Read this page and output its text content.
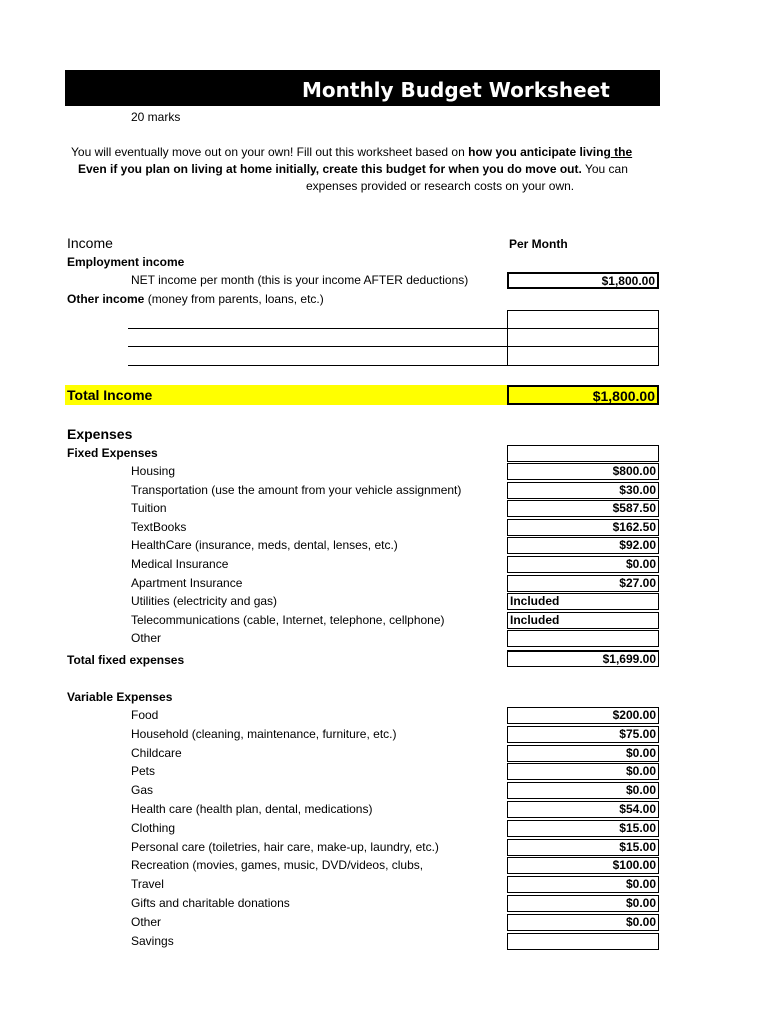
Monthly Budget Worksheet
20 marks
You will eventually move out on your own! Fill out this worksheet based on how you anticipate living the
Even if you plan on living at home initially, create this budget for when you do move out. You can
expenses provided or research costs on your own.
Income	Per Month
Employment income
NET income per month (this is your income AFTER deductions)	$1,800.00
Other income (money from parents, loans, etc.)
Total Income	$1,800.00
Expenses
Fixed Expenses
Housing	$800.00
Transportation (use the amount from your vehicle assignment)	$30.00
Tuition	$587.50
TextBooks	$162.50
HealthCare (insurance, meds, dental, lenses, etc.)	$92.00
Medical Insurance	$0.00
Apartment Insurance	$27.00
Utilities (electricity and gas)	Included
Telecommunications (cable, Internet, telephone, cellphone)	Included
Other
Total fixed expenses	$1,699.00
Variable Expenses
Food	$200.00
Household (cleaning, maintenance, furniture, etc.)	$75.00
Childcare	$0.00
Pets	$0.00
Gas	$0.00
Health care (health plan, dental, medications)	$54.00
Clothing	$15.00
Personal care (toiletries, hair care, make-up, laundry, etc.)	$15.00
Recreation (movies, games, music, DVD/videos, clubs,	$100.00
Travel	$0.00
Gifts and charitable donations	$0.00
Other	$0.00
Savings
